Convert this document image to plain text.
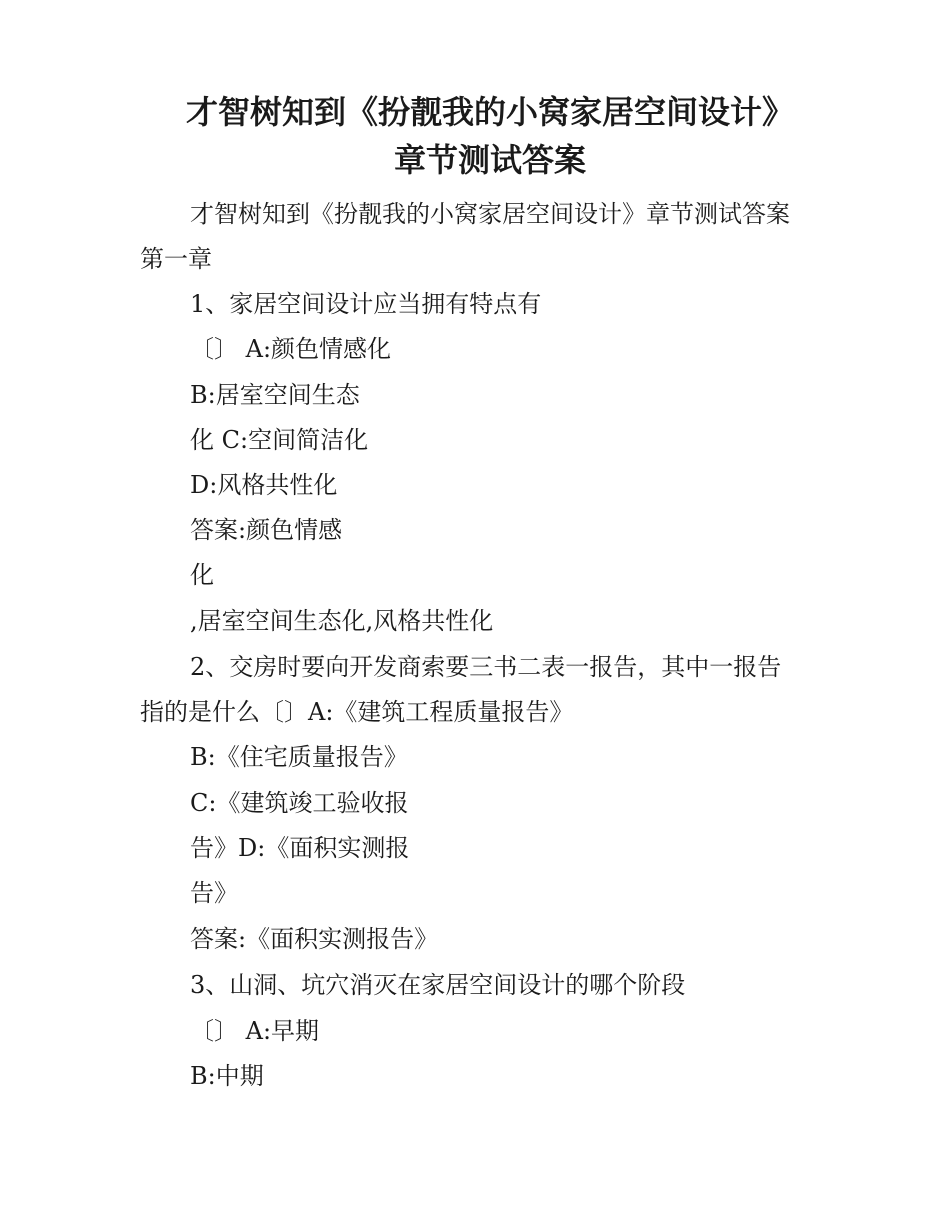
才智树知到《扮靓我的小窝家居空间设计》
章节测试答案
才智树知到《扮靓我的小窝家居空间设计》章节测试答案
第一章
1、家居空间设计应当拥有特点有
〔〕 A:颜色情感化
B:居室空间生态
化 C:空间简洁化
D:风格共性化
答案:颜色情感
化
,居室空间生态化,风格共性化
2、交房时要向开发商索要三书二表一报告，其中一报告
指的是什么〔〕A:《建筑工程质量报告》
B:《住宅质量报告》
C:《建筑竣工验收报
告》D:《面积实测报
告》
答案:《面积实测报告》
3、山洞、坑穴消灭在家居空间设计的哪个阶段
〔〕 A:早期
B:中期
